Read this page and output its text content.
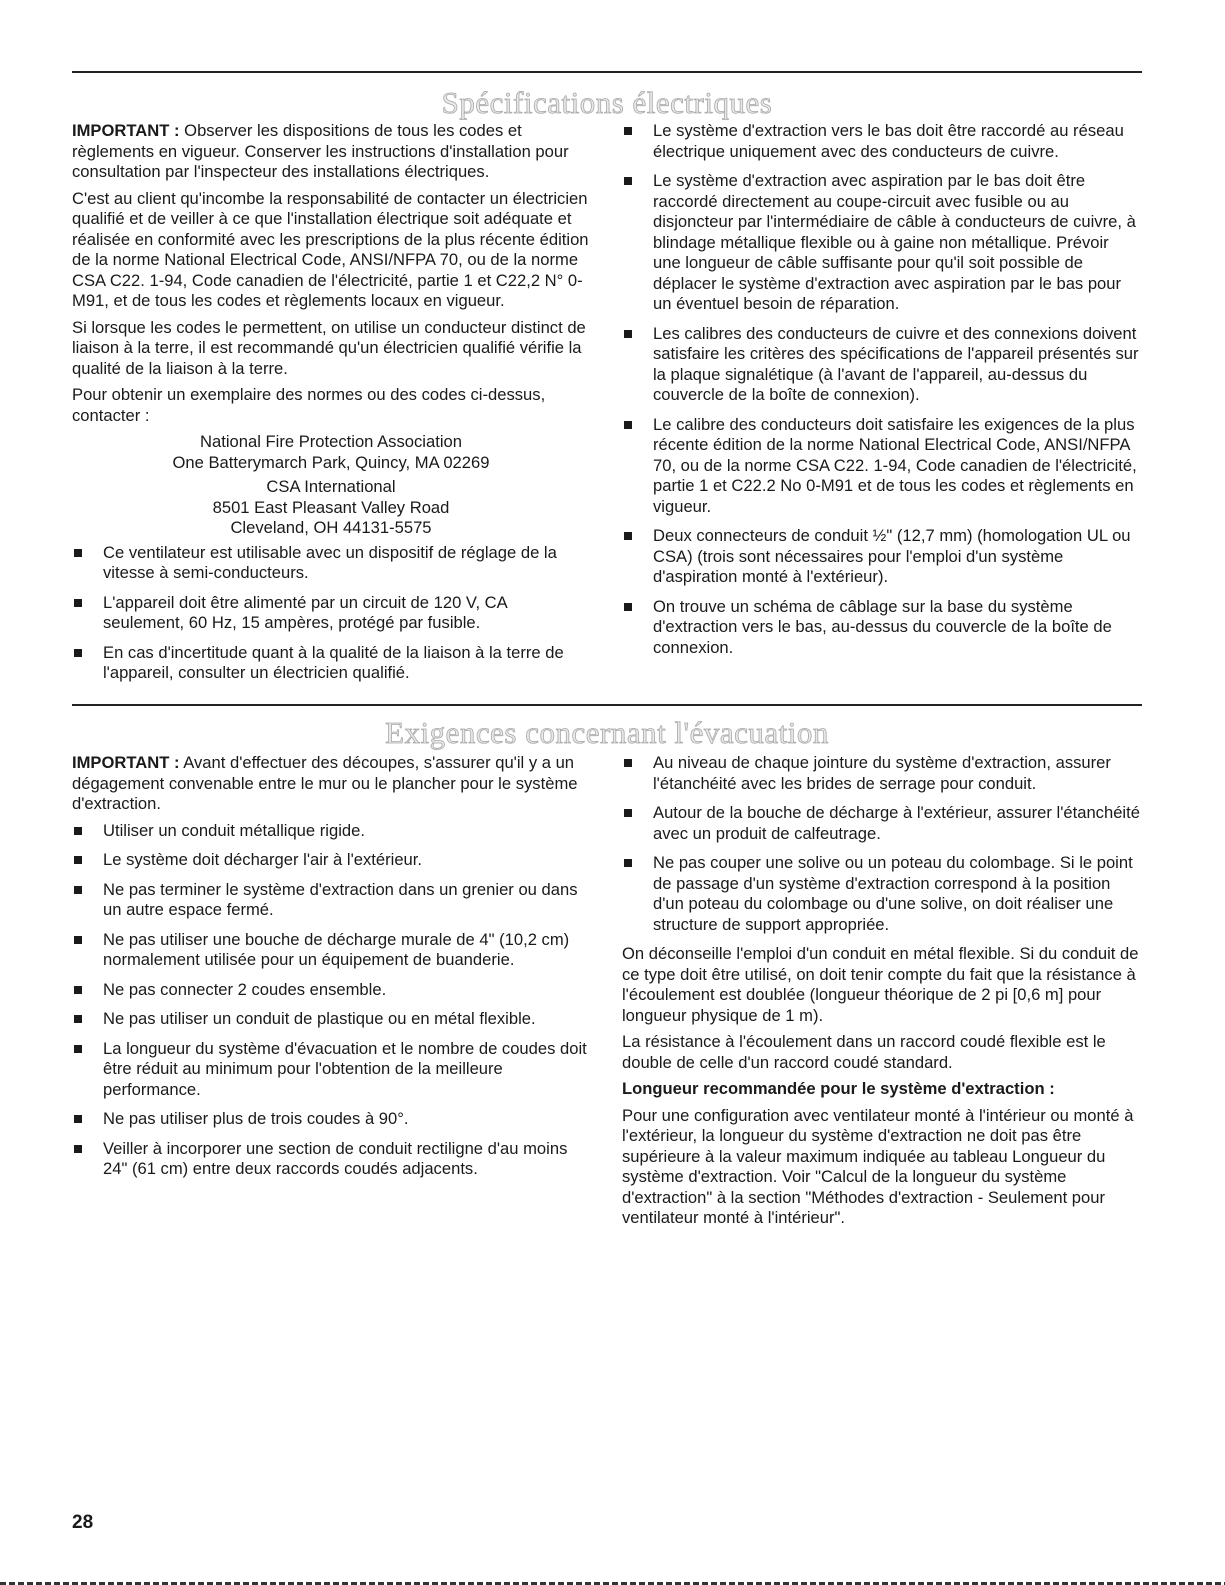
Spécifications électriques

IMPORTANT : Observer les dispositions de tous les codes et règlements en vigueur. Conserver les instructions d'installation pour consultation par l'inspecteur des installations électriques.

C'est au client qu'incombe la responsabilité de contacter un électricien qualifié et de veiller à ce que l'installation électrique soit adéquate et réalisée en conformité avec les prescriptions de la plus récente édition de la norme National Electrical Code, ANSI/NFPA 70, ou de la norme CSA C22. 1-94, Code canadien de l'électricité, partie 1 et C22,2 N° 0-M91, et de tous les codes et règlements locaux en vigueur.

Si lorsque les codes le permettent, on utilise un conducteur distinct de liaison à la terre, il est recommandé qu'un électricien qualifié vérifie la qualité de la liaison à la terre.

Pour obtenir un exemplaire des normes ou des codes ci-dessus, contacter :

National Fire Protection Association

One Batterymarch Park, Quincy, MA 02269

CSA International

8501 East Pleasant Valley Road

Cleveland, OH 44131-5575

Ce ventilateur est utilisable avec un dispositif de réglage de la vitesse à semi-conducteurs.
L'appareil doit être alimenté par un circuit de 120 V, CA seulement, 60 Hz, 15 ampères, protégé par fusible.
En cas d'incertitude quant à la qualité de la liaison à la terre de l'appareil, consulter un électricien qualifié.
Le système d'extraction vers le bas doit être raccordé au réseau électrique uniquement avec des conducteurs de cuivre.
Le système d'extraction avec aspiration par le bas doit être raccordé directement au coupe-circuit avec fusible ou au disjoncteur par l'intermédiaire de câble à conducteurs de cuivre, à blindage métallique flexible ou à gaine non métallique. Prévoir une longueur de câble suffisante pour qu'il soit possible de déplacer le système d'extraction avec aspiration par le bas pour un éventuel besoin de réparation.
Les calibres des conducteurs de cuivre et des connexions doivent satisfaire les critères des spécifications de l'appareil présentés sur la plaque signalétique (à l'avant de l'appareil, au-dessus du couvercle de la boîte de connexion).
Le calibre des conducteurs doit satisfaire les exigences de la plus récente édition de la norme National Electrical Code, ANSI/NFPA 70, ou de la norme CSA C22. 1-94, Code canadien de l'électricité, partie 1 et C22.2 No 0-M91 et de tous les codes et règlements en vigueur.
Deux connecteurs de conduit ½" (12,7 mm) (homologation UL ou CSA) (trois sont nécessaires pour l'emploi d'un système d'aspiration monté à l'extérieur).
On trouve un schéma de câblage sur la base du système d'extraction vers le bas, au-dessus du couvercle de la boîte de connexion.
Exigences concernant l'évacuation

IMPORTANT : Avant d'effectuer des découpes, s'assurer qu'il y a un dégagement convenable entre le mur ou le plancher pour le système d'extraction.

Utiliser un conduit métallique rigide.
Le système doit décharger l'air à l'extérieur.
Ne pas terminer le système d'extraction dans un grenier ou dans un autre espace fermé.
Ne pas utiliser une bouche de décharge murale de 4" (10,2 cm) normalement utilisée pour un équipement de buanderie.
Ne pas connecter 2 coudes ensemble.
Ne pas utiliser un conduit de plastique ou en métal flexible.
La longueur du système d'évacuation et le nombre de coudes doit être réduit au minimum pour l'obtention de la meilleure performance.
Ne pas utiliser plus de trois coudes à 90°.
Veiller à incorporer une section de conduit rectiligne d'au moins 24" (61 cm) entre deux raccords coudés adjacents.
Au niveau de chaque jointure du système d'extraction, assurer l'étanchéité avec les brides de serrage pour conduit.
Autour de la bouche de décharge à l'extérieur, assurer l'étanchéité avec un produit de calfeutrage.
Ne pas couper une solive ou un poteau du colombage. Si le point de passage d'un système d'extraction correspond à la position d'un poteau du colombage ou d'une solive, on doit réaliser une structure de support appropriée.

On déconseille l'emploi d'un conduit en métal flexible. Si du conduit de ce type doit être utilisé, on doit tenir compte du fait que la résistance à l'écoulement est doublée (longueur théorique de 2 pi [0,6 m] pour longueur physique de 1 m).

La résistance à l'écoulement dans un raccord coudé flexible est le double de celle d'un raccord coudé standard.

Longueur recommandée pour le système d'extraction :

Pour une configuration avec ventilateur monté à l'intérieur ou monté à l'extérieur, la longueur du système d'extraction ne doit pas être supérieure à la valeur maximum indiquée au tableau Longueur du système d'extraction. Voir "Calcul de la longueur du système d'extraction" à la section "Méthodes d'extraction - Seulement pour ventilateur monté à l'intérieur".

28
